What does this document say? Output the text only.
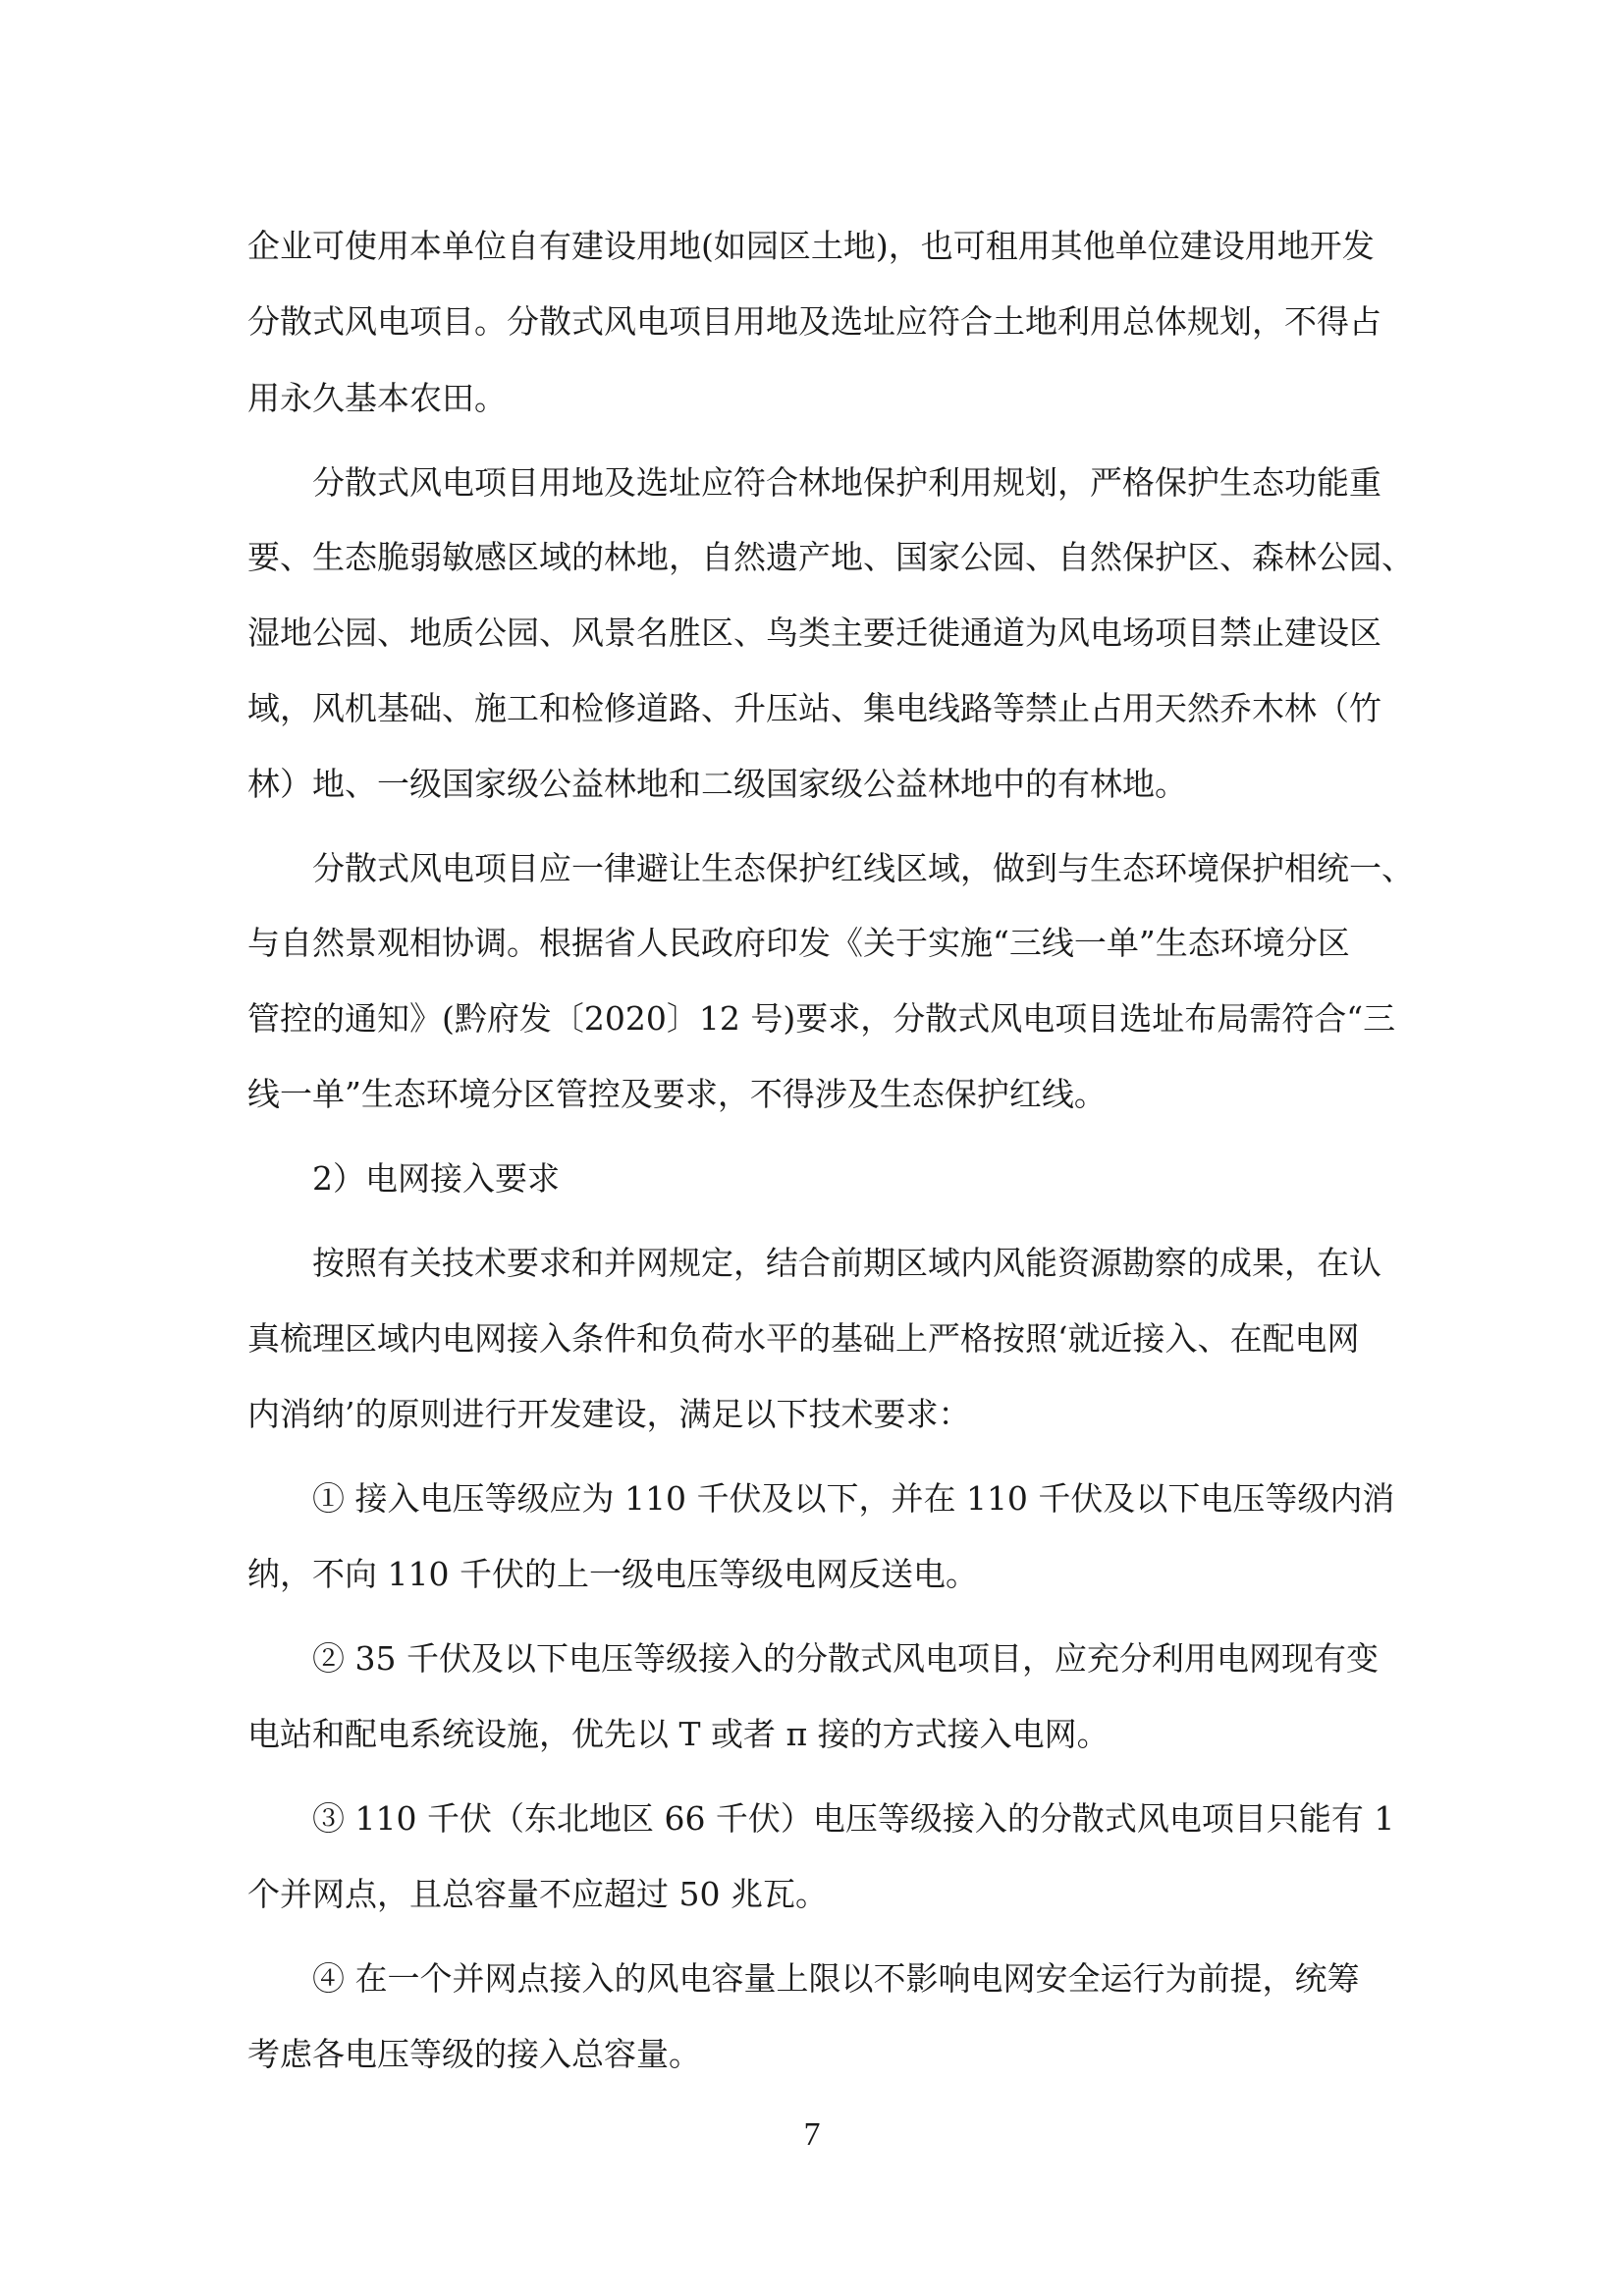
企业可使用本单位自有建设用地(如园区土地)，也可租用其他单位建设用地开发
分散式风电项目。分散式风电项目用地及选址应符合土地利用总体规划，不得占
用永久基本农田。
分散式风电项目用地及选址应符合林地保护利用规划，严格保护生态功能重
要、生态脆弱敏感区域的林地，自然遗产地、国家公园、自然保护区、森林公园、
湿地公园、地质公园、风景名胜区、鸟类主要迁徙通道为风电场项目禁止建设区
域，风机基础、施工和检修道路、升压站、集电线路等禁止占用天然乔木林（竹
林）地、一级国家级公益林地和二级国家级公益林地中的有林地。
分散式风电项目应一律避让生态保护红线区域，做到与生态环境保护相统一、
与自然景观相协调。根据省人民政府印发《关于实施“三线一单”生态环境分区
管控的通知》(黔府发〔2020〕12 号)要求，分散式风电项目选址布局需符合“三
线一单”生态环境分区管控及要求，不得涉及生态保护红线。
2）电网接入要求
按照有关技术要求和并网规定，结合前期区域内风能资源勘察的成果，在认
真梳理区域内电网接入条件和负荷水平的基础上严格按照‘就近接入、在配电网
内消纳’的原则进行开发建设，满足以下技术要求：
① 接入电压等级应为 110 千伏及以下，并在 110 千伏及以下电压等级内消
纳，不向 110 千伏的上一级电压等级电网反送电。
② 35 千伏及以下电压等级接入的分散式风电项目，应充分利用电网现有变
电站和配电系统设施，优先以 T 或者 π 接的方式接入电网。
③ 110 千伏（东北地区 66 千伏）电压等级接入的分散式风电项目只能有 1
个并网点，且总容量不应超过 50 兆瓦。
④ 在一个并网点接入的风电容量上限以不影响电网安全运行为前提，统筹
考虑各电压等级的接入总容量。
7
